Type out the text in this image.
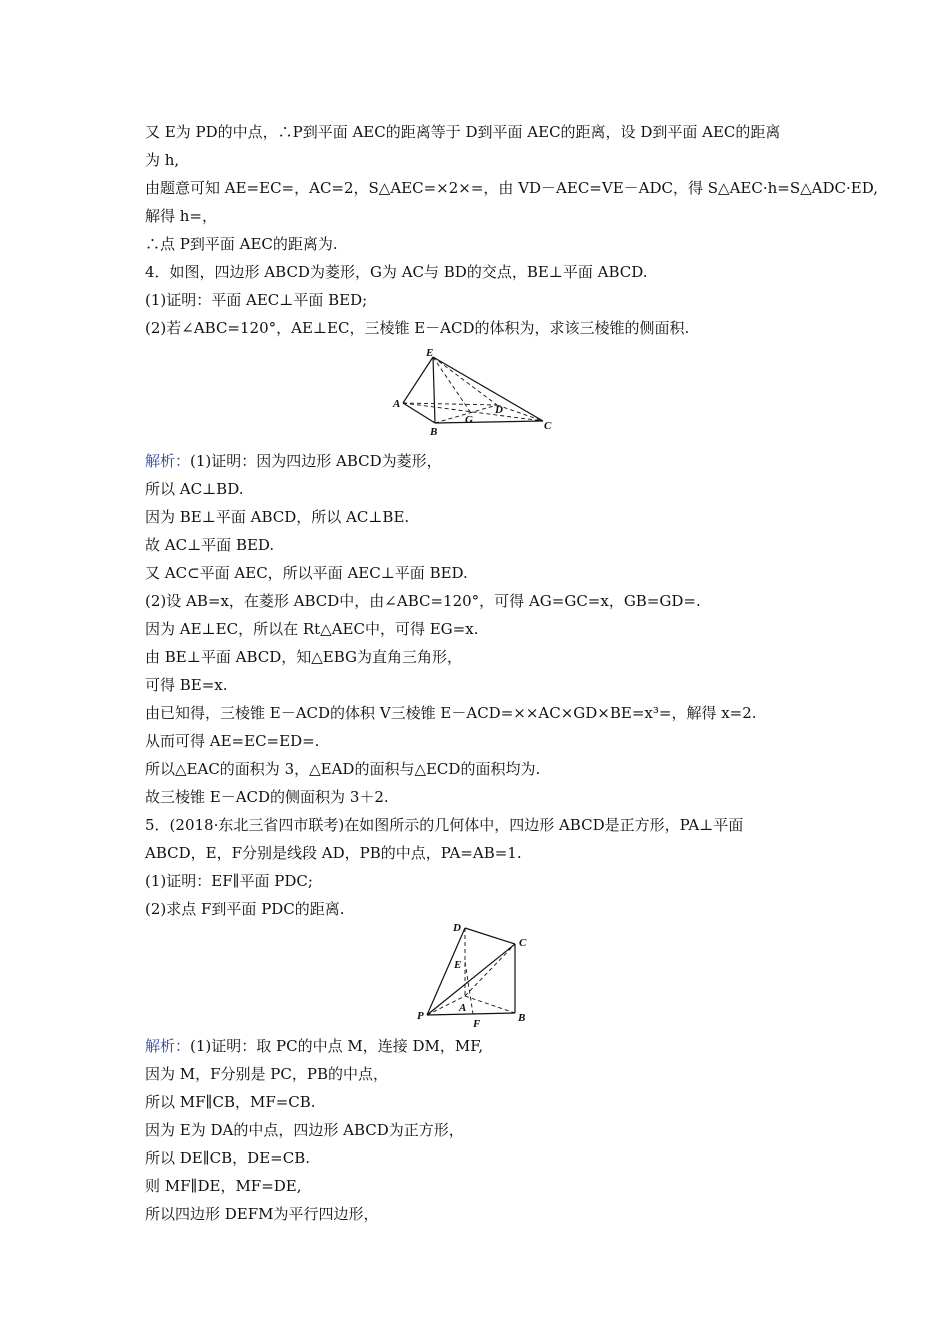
又 E为 PD的中点，∴P到平面 AEC的距离等于 D到平面 AEC的距离，设 D到平面 AEC的距离
为 h,
由题意可知 AE=EC=，AC=2，S△AEC=×2×=，由 VD－AEC=VE－ADC，得 S△AEC·h=S△ADC·ED,
解得 h=，
∴点 P到平面 AEC的距离为.
4．如图，四边形 ABCD为菱形，G为 AC与 BD的交点，BE⊥平面 ABCD.
(1)证明：平面 AEC⊥平面 BED;
(2)若∠ABC=120°，AE⊥EC，三棱锥 E－ACD的体积为，求该三棱锥的侧面积.
E
A
B
G
D
C
解析：(1)证明：因为四边形 ABCD为菱形，
所以 AC⊥BD.
因为 BE⊥平面 ABCD，所以 AC⊥BE.
故 AC⊥平面 BED.
又 AC⊂平面 AEC，所以平面 AEC⊥平面 BED.
(2)设 AB=x，在菱形 ABCD中，由∠ABC=120°，可得 AG=GC=x，GB=GD=.
因为 AE⊥EC，所以在 Rt△AEC中，可得 EG=x.
由 BE⊥平面 ABCD，知△EBG为直角三角形，
可得 BE=x.
由已知得，三棱锥 E－ACD的体积 V三棱锥 E－ACD=××AC×GD×BE=x³=，解得 x=2.
从而可得 AE=EC=ED=.
所以△EAC的面积为 3，△EAD的面积与△ECD的面积均为.
故三棱锥 E－ACD的侧面积为 3＋2.
5．(2018·东北三省四市联考)在如图所示的几何体中，四边形 ABCD是正方形，PA⊥平面
ABCD，E，F分别是线段 AD，PB的中点，PA=AB=1.
(1)证明：EF∥平面 PDC;
(2)求点 F到平面 PDC的距离.
D
C
E
A
P
F	B
解析：(1)证明：取 PC的中点 M，连接 DM，MF,
因为 M，F分别是 PC，PB的中点，
所以 MF∥CB，MF=CB.
因为 E为 DA的中点，四边形 ABCD为正方形，
所以 DE∥CB，DE=CB.
则 MF∥DE，MF=DE,
所以四边形 DEFM为平行四边形，
